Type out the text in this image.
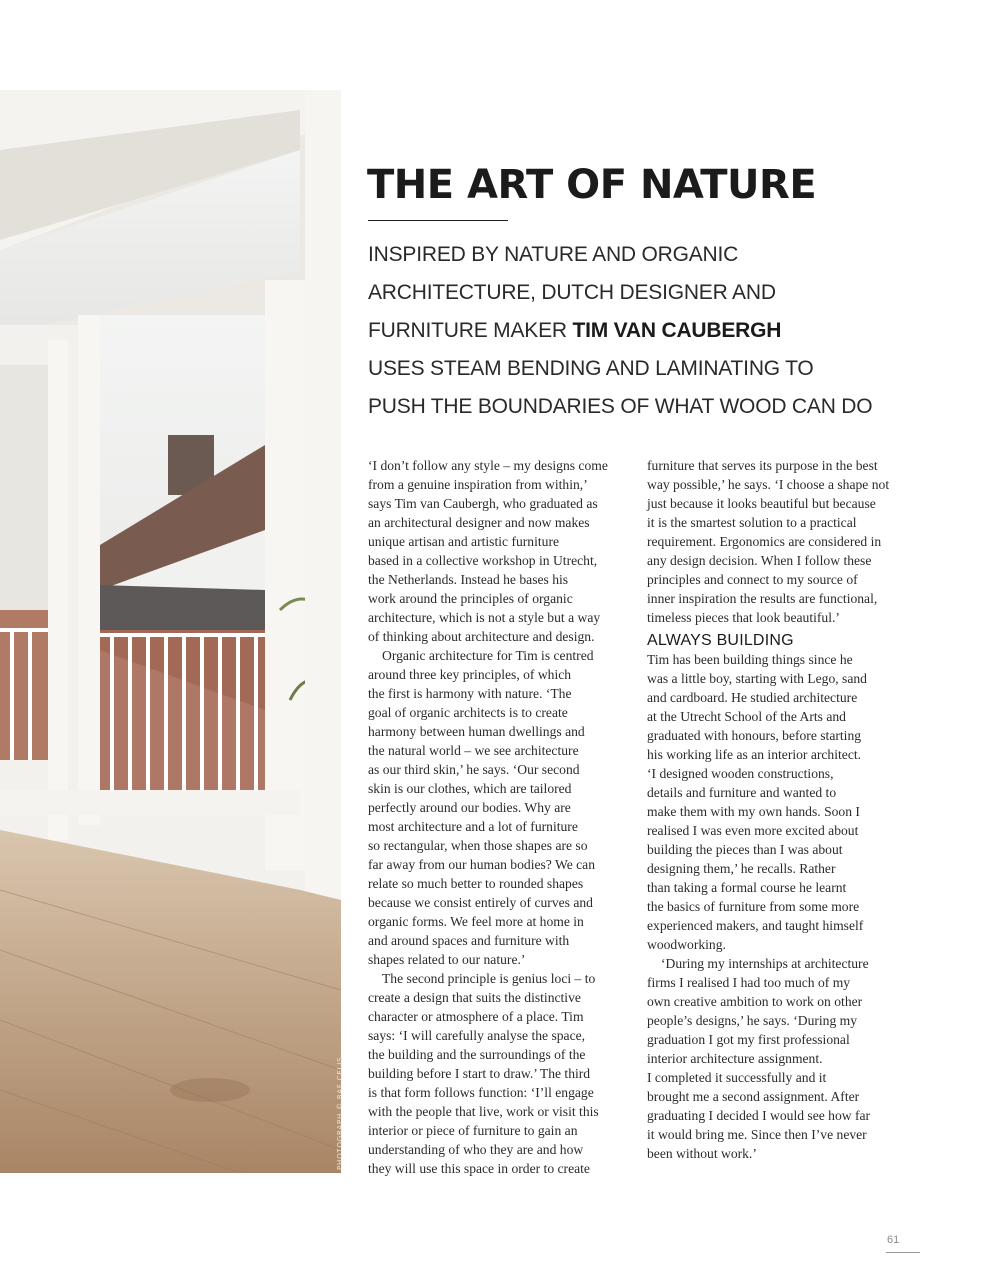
PHOTOGRAPH © RAF CELIS
THE ART OF NATURE
INSPIRED BY NATURE AND ORGANIC
ARCHITECTURE, DUTCH DESIGNER AND
FURNITURE MAKER TIM VAN CAUBERGH
USES STEAM BENDING AND LAMINATING TO
PUSH THE BOUNDARIES OF WHAT WOOD CAN DO
‘I don’t follow any style – my designs come
from a genuine inspiration from within,’
says Tim van Caubergh, who graduated as
an architectural designer and now makes
unique artisan and artistic furniture
based in a collective workshop in Utrecht,
the Netherlands. Instead he bases his
work around the principles of organic
architecture, which is not a style but a way
of thinking about architecture and design.
Organic architecture for Tim is centred
around three key principles, of which
the first is harmony with nature. ‘The
goal of organic architects is to create
harmony between human dwellings and
the natural world – we see architecture
as our third skin,’ he says. ‘Our second
skin is our clothes, which are tailored
perfectly around our bodies. Why are
most architecture and a lot of furniture
so rectangular, when those shapes are so
far away from our human bodies? We can
relate so much better to rounded shapes
because we consist entirely of curves and
organic forms. We feel more at home in
and around spaces and furniture with
shapes related to our nature.’
The second principle is genius loci – to
create a design that suits the distinctive
character or atmosphere of a place. Tim
says: ‘I will carefully analyse the space,
the building and the surroundings of the
building before I start to draw.’ The third
is that form follows function: ‘I’ll engage
with the people that live, work or visit this
interior or piece of furniture to gain an
understanding of who they are and how
they will use this space in order to create
furniture that serves its purpose in the best
way possible,’ he says. ‘I choose a shape not
just because it looks beautiful but because
it is the smartest solution to a practical
requirement. Ergonomics are considered in
any design decision. When I follow these
principles and connect to my source of
inner inspiration the results are functional,
timeless pieces that look beautiful.’
ALWAYS BUILDING
Tim has been building things since he
was a little boy, starting with Lego, sand
and cardboard. He studied architecture
at the Utrecht School of the Arts and
graduated with honours, before starting
his working life as an interior architect.
‘I designed wooden constructions,
details and furniture and wanted to
make them with my own hands. Soon I
realised I was even more excited about
building the pieces than I was about
designing them,’ he recalls. Rather
than taking a formal course he learnt
the basics of furniture from some more
experienced makers, and taught himself
woodworking.
‘During my internships at architecture
firms I realised I had too much of my
own creative ambition to work on other
people’s designs,’ he says. ‘During my
graduation I got my first professional
interior architecture assignment.
I completed it successfully and it
brought me a second assignment. After
graduating I decided I would see how far
it would bring me. Since then I’ve never
been without work.’
61
